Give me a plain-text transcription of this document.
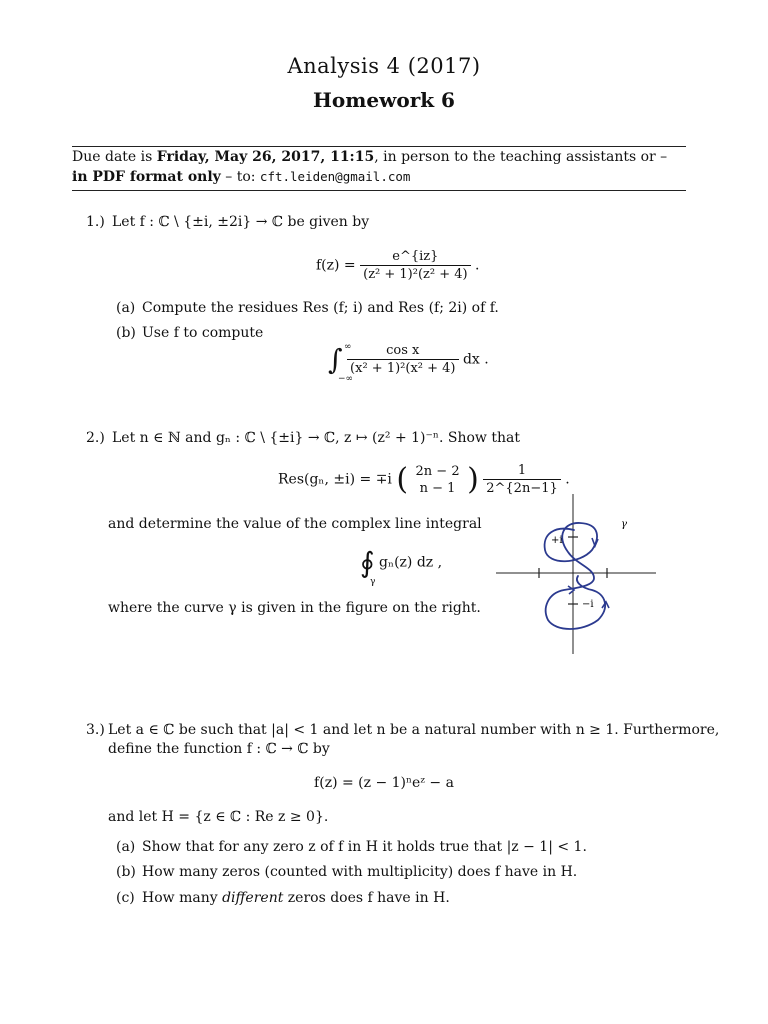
Analysis 4 (2017)
Homework 6
Due date is Friday, May 26, 2017, 11:15, in person to the teaching assistants or – in PDF format only – to: cft.leiden@gmail.com
1.) Let f : ℂ \ {±i, ±2i} → ℂ be given by
$f(z) = \frac{e\^{}\{iz\}}{\text{(z² + 1)²(z² + 4)}}$ .
(a) Compute the residues Res (f; i) and Res (f; 2i) of f.
(b) Use f to compute
∫ $\frac{\text{cos x}}{\text{(x² + 1)²(x² + 4)}}$ dx .
∞
−∞
2.) Let n ∈ ℕ and gₙ : ℂ \ {±i} → ℂ, z ↦ (z² + 1)⁻ⁿ. Show that
Res(gₙ, ±i) = ∓i ( 2n − 2
n − 1 ) $\frac{1}{2\^{}\{2n-1\}}$ .
and determine the value of the complex line integral
∮ gₙ(z) dz ,
γ
where the curve γ is given in the figure on the right.
+i
−i
γ
3.) Let a ∈ ℂ be such that |a| < 1 and let n be a natural number with n ≥ 1. Furthermore,
define the function f : ℂ → ℂ by
f(z) = (z − 1)ⁿeᶻ − a
and let H = {z ∈ ℂ : Re z ≥ 0}.
(a) Show that for any zero z of f in H it holds true that |z − 1| < 1.
(b) How many zeros (counted with multiplicity) does f have in H.
(c) How many different zeros does f have in H.
